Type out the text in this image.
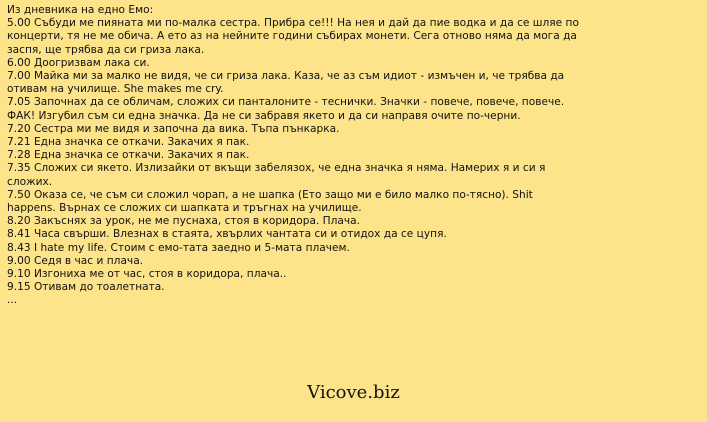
Из дневника на едно Емо:

5.00 Събуди ме пияната ми по-малка сестра. Прибра се!!! На нея и дай да пие водка и да се шляе по концерти, тя не ме обича. А ето аз на нейните години събирах монети. Сега отново няма да мога да заспя, ще трябва да си гриза лака.

6.00 Доогризвам лака си.

7.00 Майка ми за малко не видя, че си гриза лака. Каза, че аз съм идиот - измъчен и, че трябва да отивам на училище. She makes me cry.

7.05 Започнах да се обличам, сложих си панталоните - теснички. Значки - повече, повече, повече. ФАК! Изгубил съм си една значка. Да не си забравя якето и да си направя очите по-черни.

7.20 Сестра ми ме видя и започна да вика. Тъпа пънкарка.

7.21 Една значка се откачи. Закачих я пак.

7.28 Една значка се откачи. Закачих я пак.

7.35 Сложих си якето. Излизайки от вкъщи забелязох, че една значка я няма. Намерих я и си я сложих.

7.50 Оказа се, че съм си сложил чорап, а не шапка (Ето защо ми е било малко по-тясно). Shit happens. Върнах се сложих си шапката и тръгнах на училище.

8.20 Закъснях за урок, не ме пуснаха, стоя в коридора. Плача.

8.41 Часа свърши. Влезнах в стаята, хвърлих чантата си и отидох да се цупя.

8.43 I hate my life. Стоим с емо-тата заедно и 5-мата плачем.

9.00 Седя в час и плача.

9.10 Изгониха ме от час, стоя в коридора, плача..

9.15 Отивам до тоалетната.

...

Vicove.biz
